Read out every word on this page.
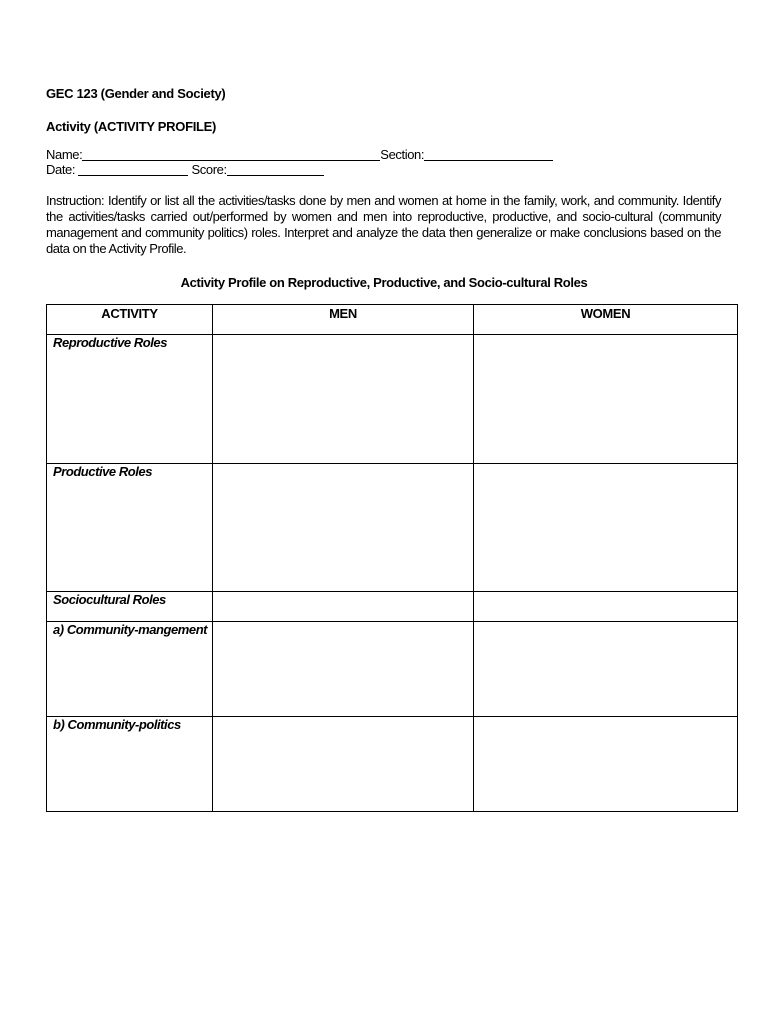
GEC 123 (Gender and Society)
Activity (ACTIVITY PROFILE)
Name:	Section:
Date:	Score:
Instruction: Identify or list all the activities/tasks done by men and women at home in the family, work, and community. Identify the activities/tasks carried out/performed by women and men into reproductive, productive, and socio-cultural (community management and community politics) roles. Interpret and analyze the data then generalize or make conclusions based on the data on the Activity Profile.
Activity Profile on Reproductive, Productive, and Socio-cultural Roles
ACTIVITY	MEN	WOMEN
Reproductive Roles		
Productive Roles		
Sociocultural Roles		
a) Community-mangement		
b) Community-politics		
